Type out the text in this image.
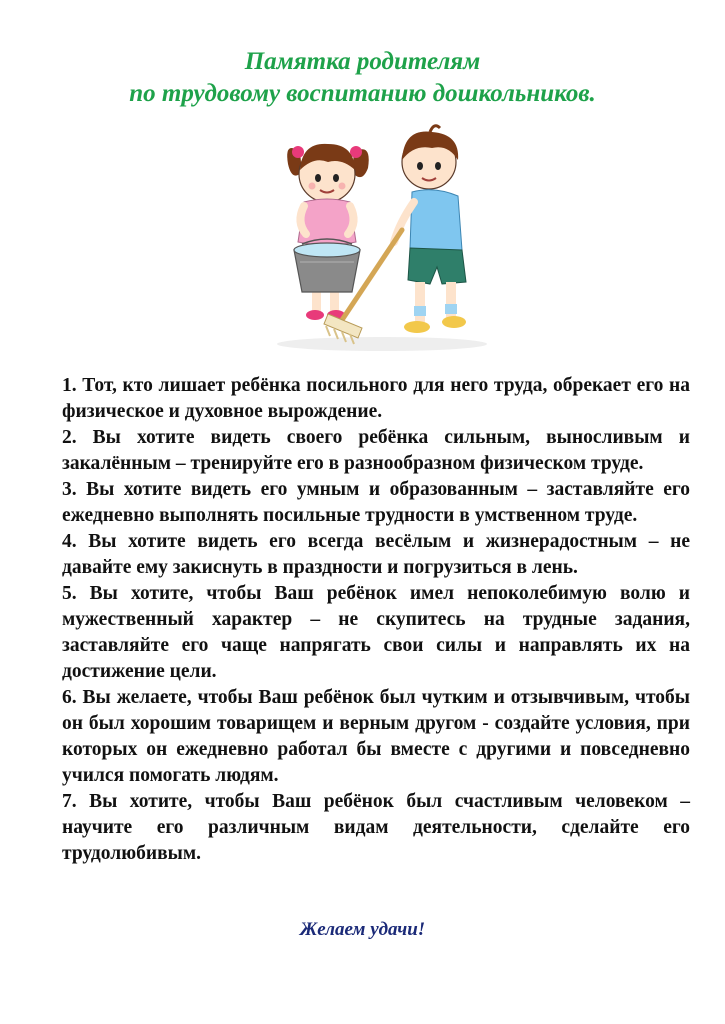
Памятка родителям
по трудовому воспитанию дошкольников.

1. Тот, кто лишает ребёнка посильного для него труда, обрекает его на физическое и духовное вырождение.

2. Вы хотите видеть своего ребёнка сильным, выносливым и закалённым – тренируйте его в разнообразном физическом труде.

3. Вы хотите видеть его умным и образованным – заставляйте его ежедневно выполнять посильные трудности в умственном труде.

4. Вы хотите видеть его всегда весёлым и жизнерадостным – не давайте ему закиснуть в праздности и погрузиться в лень.

5. Вы хотите, чтобы Ваш ребёнок имел непоколебимую волю и мужественный характер – не скупитесь на трудные задания, заставляйте его чаще напрягать свои силы и направлять их на достижение цели.

6. Вы желаете, чтобы Ваш ребёнок был чутким и отзывчивым, чтобы он был хорошим товарищем и верным другом - создайте условия, при которых он ежедневно работал бы вместе с другими и повседневно учился помогать людям.

7. Вы хотите, чтобы Ваш ребёнок был счастливым человеком – научите его различным видам деятельности, сделайте его трудолюбивым.

Желаем удачи!
